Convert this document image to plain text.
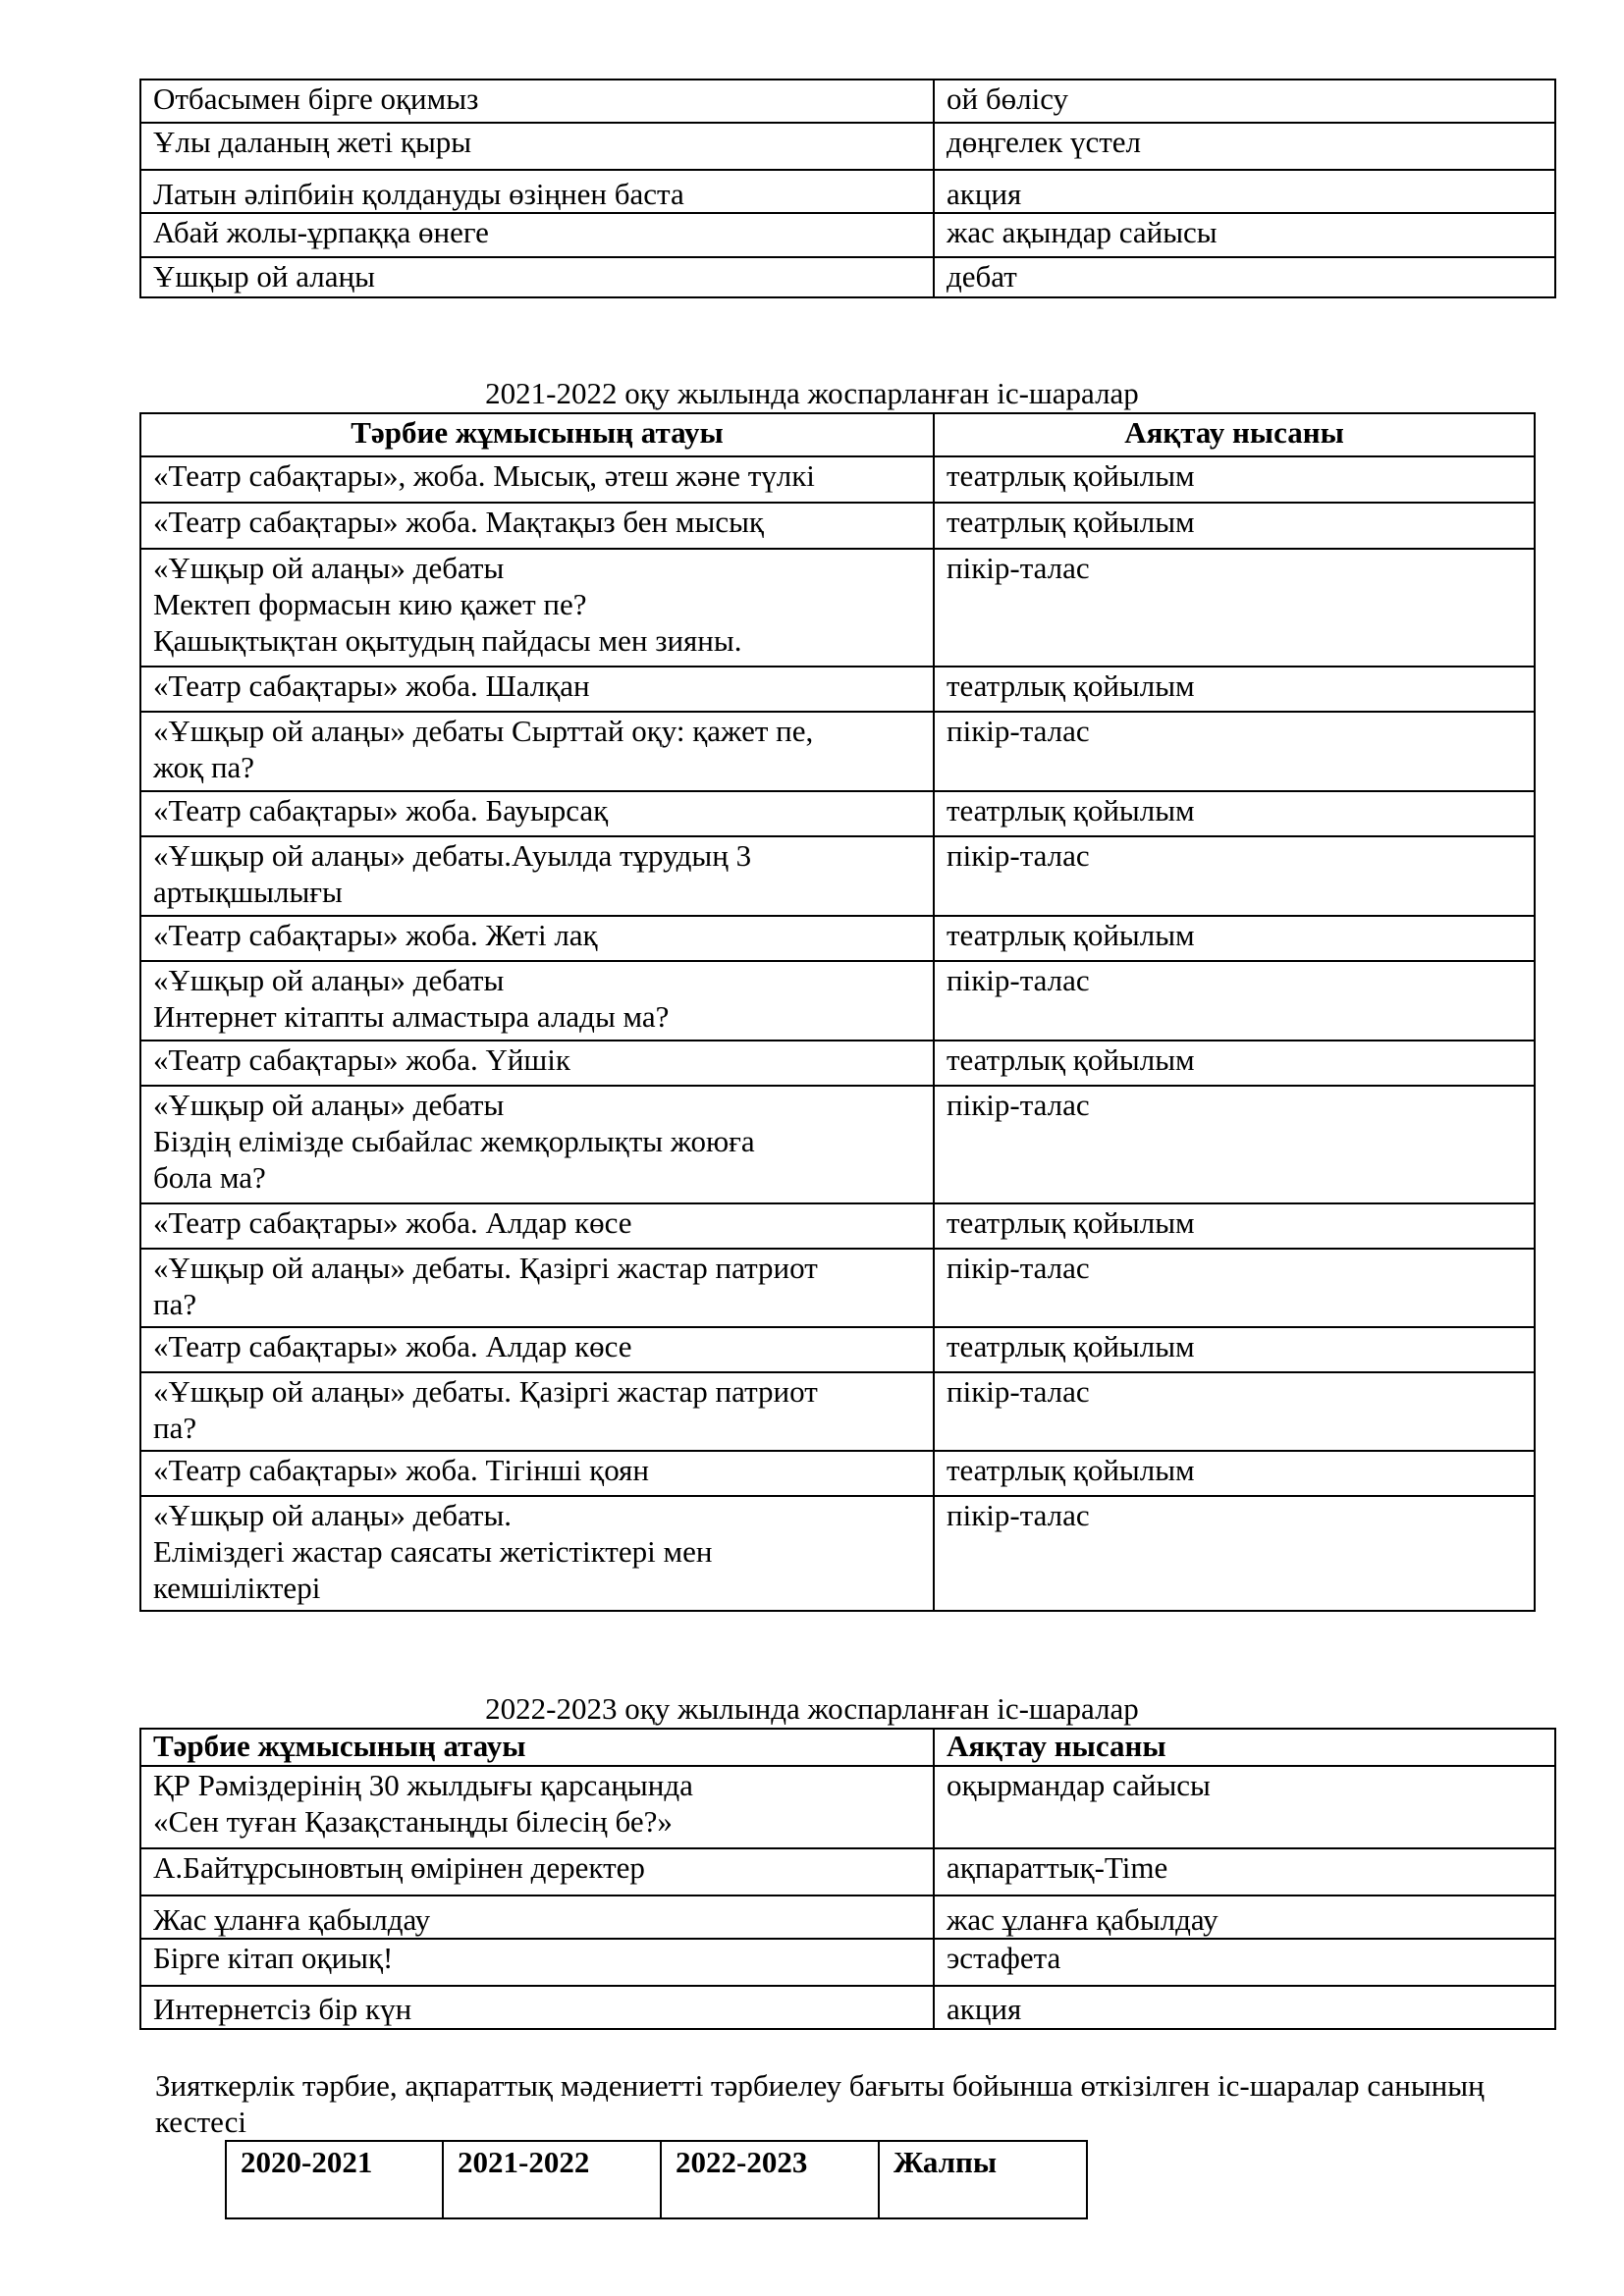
Отбасымен бірге оқимыз	ой бөлісу
Ұлы даланың жеті қыры	дөңгелек үстел
Латын әліпбиін қолдануды өзіңнен баста	акция
Абай жолы-ұрпаққа өнеге	жас ақындар сайысы
Ұшқыр ой алаңы	дебат
2021-2022 оқу жылында жоспарланған іс-шаралар
Тәрбие жұмысының атауы	Аяқтау нысаны
«Театр сабақтары», жоба. Мысық, әтеш және түлкі	театрлық қойылым
«Театр сабақтары» жоба. Мақтақыз бен мысық	театрлық қойылым
«Ұшқыр ой алаңы» дебаты
Мектеп формасын кию қажет пе?
Қашықтықтан оқытудың пайдасы мен зияны.	пікір-талас
«Театр сабақтары» жоба. Шалқан	театрлық қойылым
«Ұшқыр ой алаңы» дебаты Сырттай оқу: қажет пе,
жоқ па?	пікір-талас
«Театр сабақтары» жоба. Бауырсақ	театрлық қойылым
«Ұшқыр ой алаңы» дебаты.Ауылда тұрудың 3
артықшылығы	пікір-талас
«Театр сабақтары» жоба. Жеті лақ	театрлық қойылым
«Ұшқыр ой алаңы» дебаты
Интернет кітапты алмастыра алады ма?	пікір-талас
«Театр сабақтары» жоба. Үйшік	театрлық қойылым
«Ұшқыр ой алаңы» дебаты
Біздің елімізде сыбайлас жемқорлықты жоюға
бола ма?	пікір-талас
«Театр сабақтары» жоба. Алдар көсе	театрлық қойылым
«Ұшқыр ой алаңы» дебаты. Қазіргі жастар патриот
па?	пікір-талас
«Театр сабақтары» жоба. Алдар көсе	театрлық қойылым
«Ұшқыр ой алаңы» дебаты. Қазіргі жастар патриот
па?	пікір-талас
«Театр сабақтары» жоба. Тігінші қоян	театрлық қойылым
«Ұшқыр ой алаңы» дебаты.
Еліміздегі жастар саясаты жетістіктері мен
кемшіліктері	пікір-талас
2022-2023 оқу жылында жоспарланған іс-шаралар
Тәрбие жұмысының атауы	Аяқтау нысаны
ҚР Рәміздерінің 30 жылдығы қарсаңында
«Сен туған Қазақстаныңды білесің бе?»	оқырмандар сайысы
А.Байтұрсыновтың өмірінен деректер	ақпараттық-Time
Жас ұланға қабылдау	жас ұланға қабылдау
Бірге кітап оқиық!	эстафета
Интернетсіз бір күн	акция
Зияткерлік тәрбие, ақпараттық мәдениетті тәрбиелеу бағыты бойынша өткізілген іс-шаралар санының кестесі
2020-2021	2021-2022	2022-2023	Жалпы
